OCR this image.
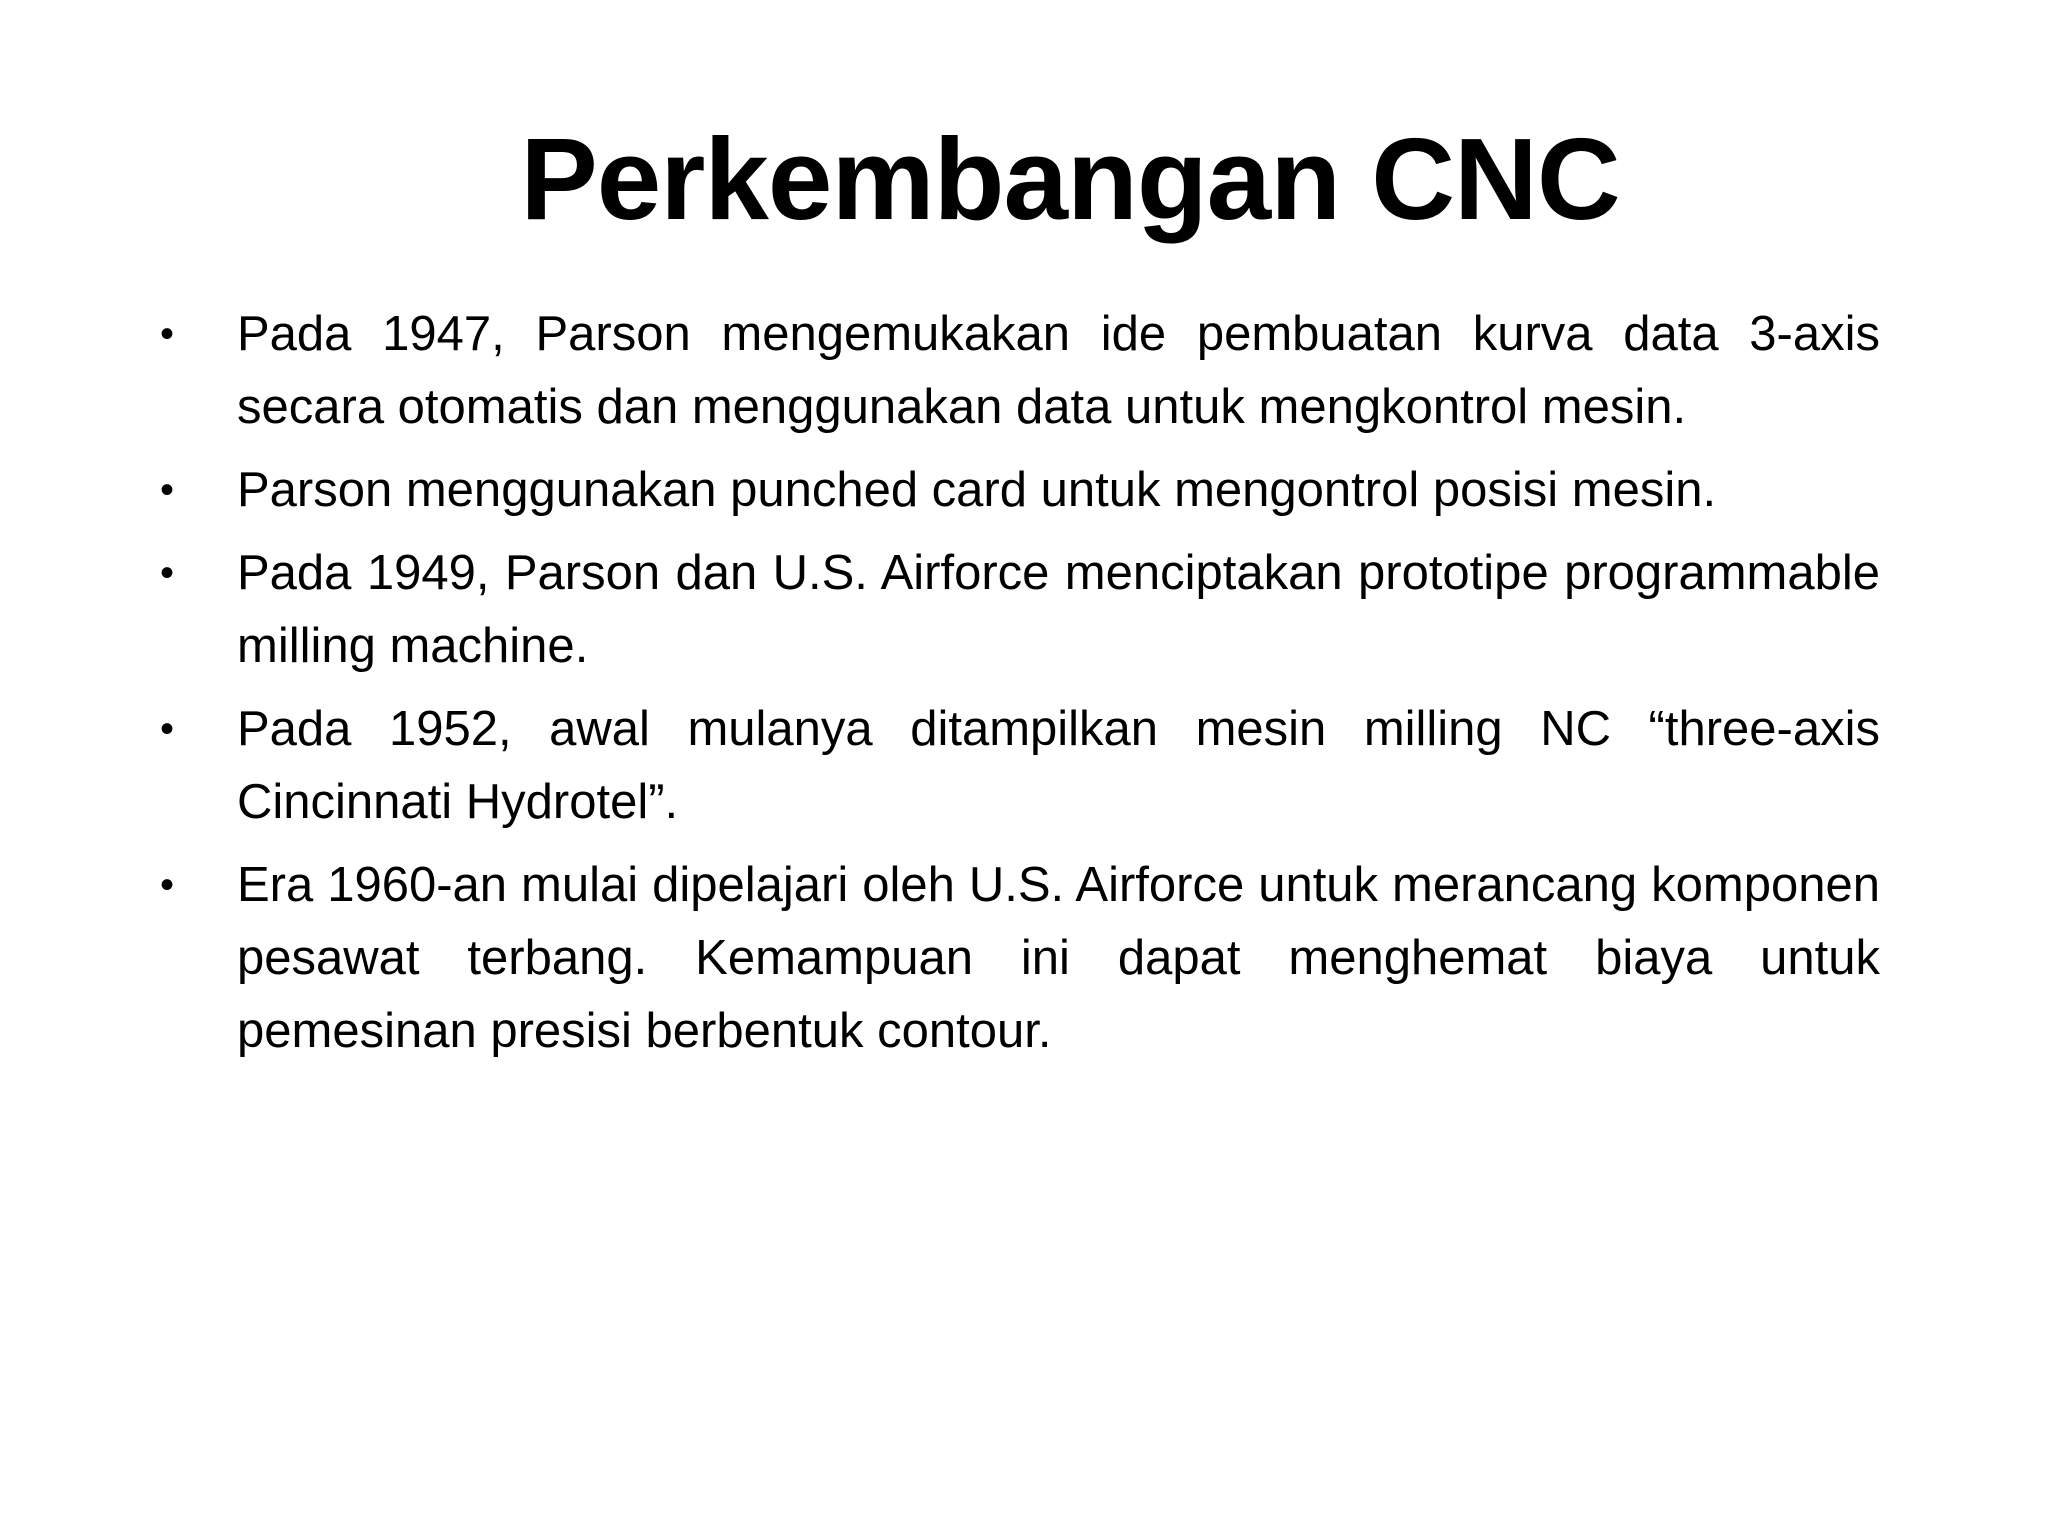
Perkembangan CNC
• Pada 1947, Parson mengemukakan ide pembuatan kurva data 3-axis secara otomatis dan menggunakan data untuk mengkontrol mesin.
• Parson menggunakan punched card untuk mengontrol posisi mesin.
• Pada 1949, Parson dan U.S. Airforce menciptakan prototipe programmable milling machine.
• Pada 1952, awal mulanya ditampilkan mesin milling NC “three-axis Cincinnati Hydrotel”.
• Era 1960-an mulai dipelajari oleh U.S. Airforce untuk merancang komponen pesawat terbang. Kemampuan ini dapat menghemat biaya untuk pemesinan presisi berbentuk contour.
